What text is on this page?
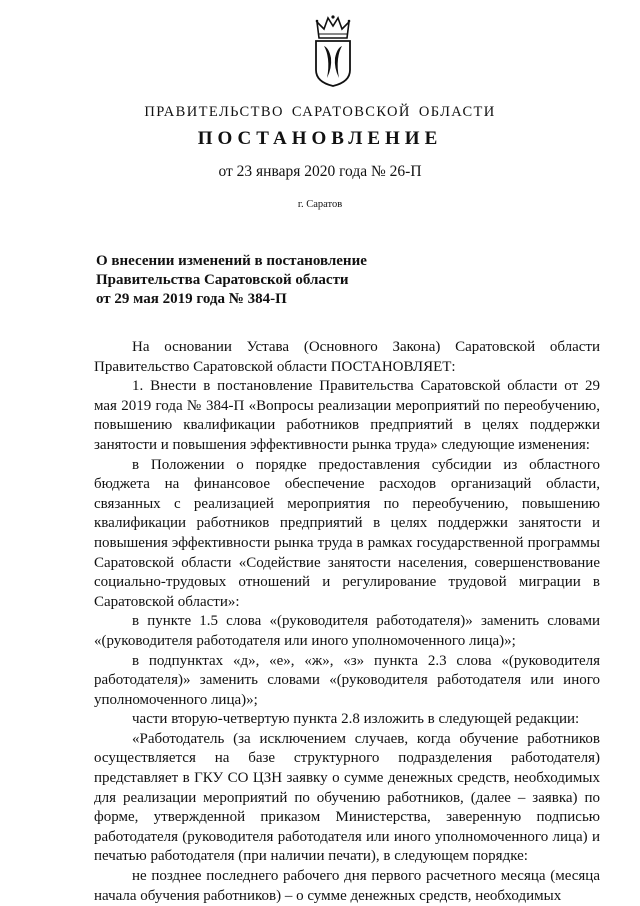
ПРАВИТЕЛЬСТВО САРАТОВСКОЙ ОБЛАСТИ
ПОСТАНОВЛЕНИЕ
от 23 января 2020 года № 26-П
г. Саратов
О внесении изменений в постановление
Правительства Саратовской области
от 29 мая 2019 года № 384-П

На основании Устава (Основного Закона) Саратовской области

Правительство Саратовской области ПОСТАНОВЛЯЕТ:

1. Внести в постановление Правительства Саратовской области от 29 мая 2019 года № 384-П «Вопросы реализации мероприятий по переобучению, повышению квалификации работников предприятий в целях поддержки занятости и повышения эффективности рынка труда» следующие изменения:

в Положении о порядке предоставления субсидии из областного бюджета на финансовое обеспечение расходов организаций области, связанных с реализацией мероприятия по переобучению, повышению квалификации работников предприятий в целях поддержки занятости и повышения эффективности рынка труда в рамках государственной программы Саратовской области «Содействие занятости населения, совершенствование социально-трудовых отношений и регулирование трудовой миграции в Саратовской области»:

в пункте 1.5 слова «(руководителя работодателя)» заменить словами «(руководителя работодателя или иного уполномоченного лица)»;

в подпунктах «д», «е», «ж», «з» пункта 2.3 слова «(руководителя работодателя)» заменить словами «(руководителя работодателя или иного уполномоченного лица)»;

части вторую-четвертую пункта 2.8 изложить в следующей редакции:

«Работодатель (за исключением случаев, когда обучение работников осуществляется на базе структурного подразделения работодателя) представляет в ГКУ СО ЦЗН заявку о сумме денежных средств, необходимых для реализации мероприятий по обучению работников, (далее – заявка) по форме, утвержденной приказом Министерства, заверенную подписью работодателя (руководителя работодателя или иного уполномоченного лица) и печатью работодателя (при наличии печати), в следующем порядке:

не позднее последнего рабочего дня первого расчетного месяца (месяца начала обучения работников) – о сумме денежных средств, необходимых
